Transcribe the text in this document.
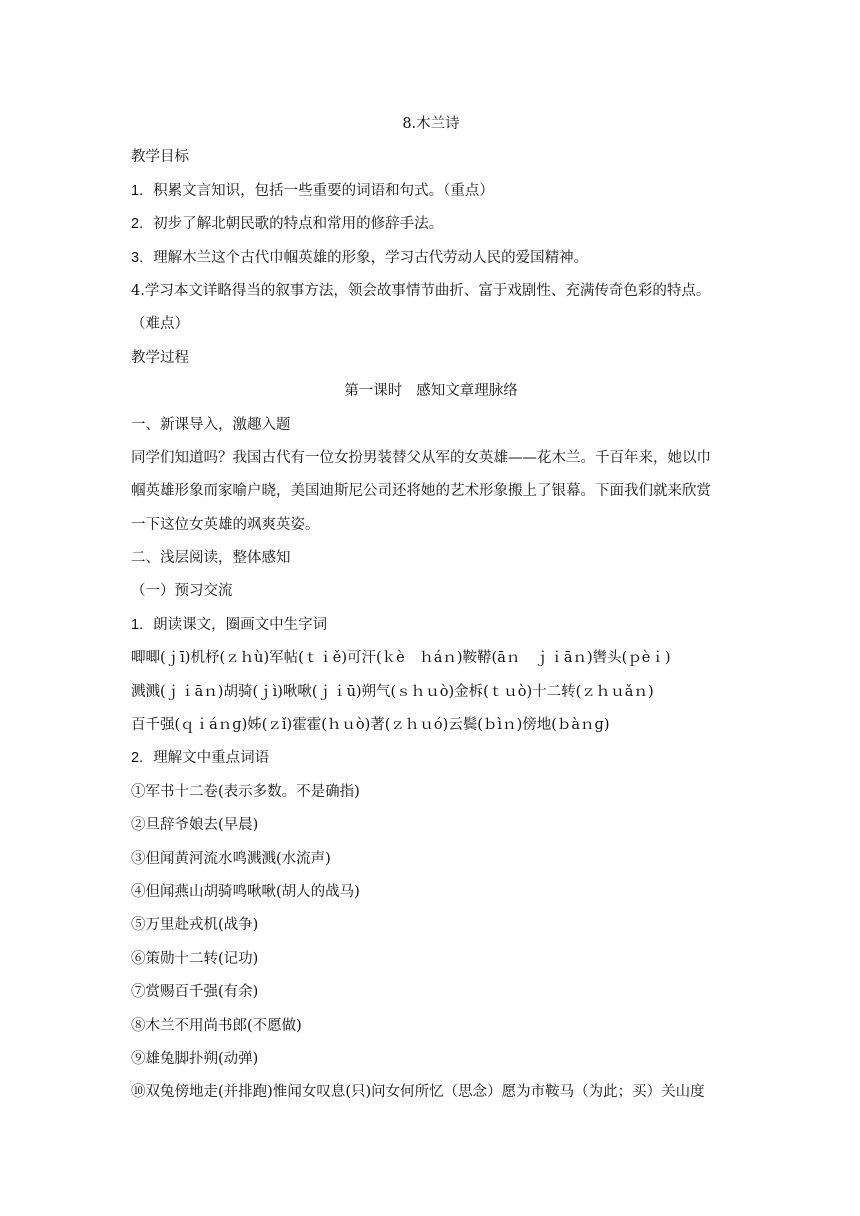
8.木兰诗
教学目标
1. 积累文言知识，包括一些重要的词语和句式。（重点）
2. 初步了解北朝民歌的特点和常用的修辞手法。
3. 理解木兰这个古代巾帼英雄的形象，学习古代劳动人民的爱国精神。
4.学习本文详略得当的叙事方法，领会故事情节曲折、富于戏剧性、充满传奇色彩的特点。
（难点）
教学过程
第一课时 感知文章理脉络
一、新课导入，激趣入题
同学们知道吗？我国古代有一位女扮男装替父从军的女英雄——花木兰。千百年来，她以巾
帼英雄形象而家喻户晓，美国迪斯尼公司还将她的艺术形象搬上了银幕。下面我们就来欣赏
一下这位女英雄的飒爽英姿。
二、浅层阅读，整体感知
（一）预习交流
1. 朗读课文，圈画文中生字词
唧唧(ｊī)机杼(ｚｈù)军帖(ｔｉě)可汗(ｋè　ｈáｎ)鞍鞯(āｎ　ｊｉāｎ)辔头(ｐèｉ)
溅溅(ｊｉāｎ)胡骑(ｊì)啾啾(ｊｉū)朔气(ｓｈｕò)金柝(ｔｕò)十二转(ｚｈｕǎｎ)
百千强(ｑｉáｎɡ)姊(ｚǐ)霍霍(ｈｕò)著(ｚｈｕó)云鬓(ｂìｎ)傍地(ｂàｎɡ)
2. 理解文中重点词语
①军书十二卷(表示多数。不是确指)
②旦辞爷娘去(早晨)
③但闻黄河流水鸣溅溅(水流声)
④但闻燕山胡骑鸣啾啾(胡人的战马)
⑤万里赴戎机(战争)
⑥策勋十二转(记功)
⑦赏赐百千强(有余)
⑧木兰不用尚书郎(不愿做)
⑨雄兔脚扑朔(动弹)
⑩双兔傍地走(并排跑)惟闻女叹息(只)问女何所忆（思念）愿为市鞍马（为此；买）关山度
